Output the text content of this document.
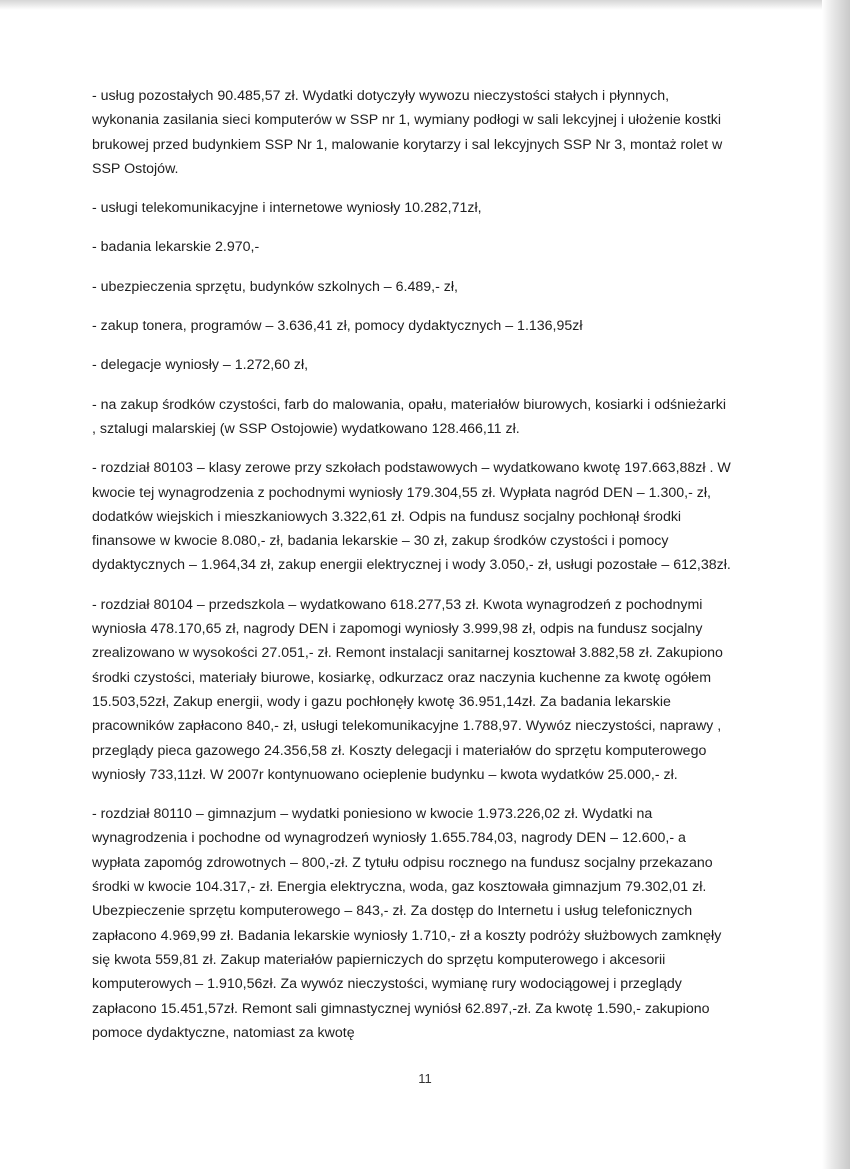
- usług pozostałych 90.485,57 zł. Wydatki dotyczyły wywozu nieczystości stałych i płynnych, wykonania zasilania sieci komputerów w SSP nr 1, wymiany podłogi w sali lekcyjnej i ułożenie kostki brukowej przed budynkiem SSP Nr 1, malowanie korytarzy i sal lekcyjnych SSP Nr 3, montaż rolet w SSP Ostojów.

- usługi telekomunikacyjne i internetowe wyniosły 10.282,71zł,

- badania lekarskie 2.970,-

- ubezpieczenia sprzętu, budynków szkolnych – 6.489,- zł,

- zakup tonera, programów – 3.636,41 zł, pomocy dydaktycznych – 1.136,95zł

- delegacje wyniosły – 1.272,60 zł,

- na zakup środków czystości, farb do malowania, opału, materiałów biurowych, kosiarki i odśnieżarki , sztalugi malarskiej (w SSP Ostojowie) wydatkowano 128.466,11 zł.

- rozdział 80103 – klasy zerowe przy szkołach podstawowych – wydatkowano kwotę 197.663,88zł . W kwocie tej wynagrodzenia z pochodnymi wyniosły 179.304,55 zł. Wypłata nagród DEN – 1.300,- zł, dodatków wiejskich i mieszkaniowych 3.322,61 zł. Odpis na fundusz socjalny pochłonął środki finansowe w kwocie 8.080,- zł, badania lekarskie – 30 zł, zakup środków czystości i pomocy dydaktycznych – 1.964,34 zł, zakup energii elektrycznej i wody 3.050,- zł, usługi pozostałe – 612,38zł.

- rozdział 80104 – przedszkola – wydatkowano 618.277,53 zł. Kwota wynagrodzeń z pochodnymi wyniosła 478.170,65 zł, nagrody DEN i zapomogi wyniosły 3.999,98 zł, odpis na fundusz socjalny zrealizowano w wysokości 27.051,- zł. Remont instalacji sanitarnej kosztował 3.882,58 zł. Zakupiono środki czystości, materiały biurowe, kosiarkę, odkurzacz oraz naczynia kuchenne za kwotę ogółem 15.503,52zł, Zakup energii, wody i gazu pochłonęły kwotę 36.951,14zł. Za badania lekarskie pracowników zapłacono 840,- zł, usługi telekomunikacyjne 1.788,97. Wywóz nieczystości, naprawy , przeglądy pieca gazowego 24.356,58 zł. Koszty delegacji i materiałów do sprzętu komputerowego wyniosły 733,11zł. W 2007r kontynuowano ocieplenie budynku – kwota wydatków 25.000,- zł.

- rozdział 80110 – gimnazjum – wydatki poniesiono w kwocie 1.973.226,02 zł. Wydatki na wynagrodzenia i pochodne od wynagrodzeń wyniosły 1.655.784,03, nagrody DEN – 12.600,- a wypłata zapomóg zdrowotnych – 800,-zł. Z tytułu odpisu rocznego na fundusz socjalny przekazano środki w kwocie 104.317,- zł. Energia elektryczna, woda, gaz kosztowała gimnazjum 79.302,01 zł. Ubezpieczenie sprzętu komputerowego – 843,- zł. Za dostęp do Internetu i usług telefonicznych zapłacono 4.969,99 zł. Badania lekarskie wyniosły 1.710,- zł a koszty podróży służbowych zamknęły się kwota 559,81 zł. Zakup materiałów papierniczych do sprzętu komputerowego i akcesorii komputerowych – 1.910,56zł. Za wywóz nieczystości, wymianę rury wodociągowej i przeglądy zapłacono 15.451,57zł. Remont sali gimnastycznej wyniósł 62.897,-zł. Za kwotę 1.590,- zakupiono pomoce dydaktyczne, natomiast za kwotę

11
